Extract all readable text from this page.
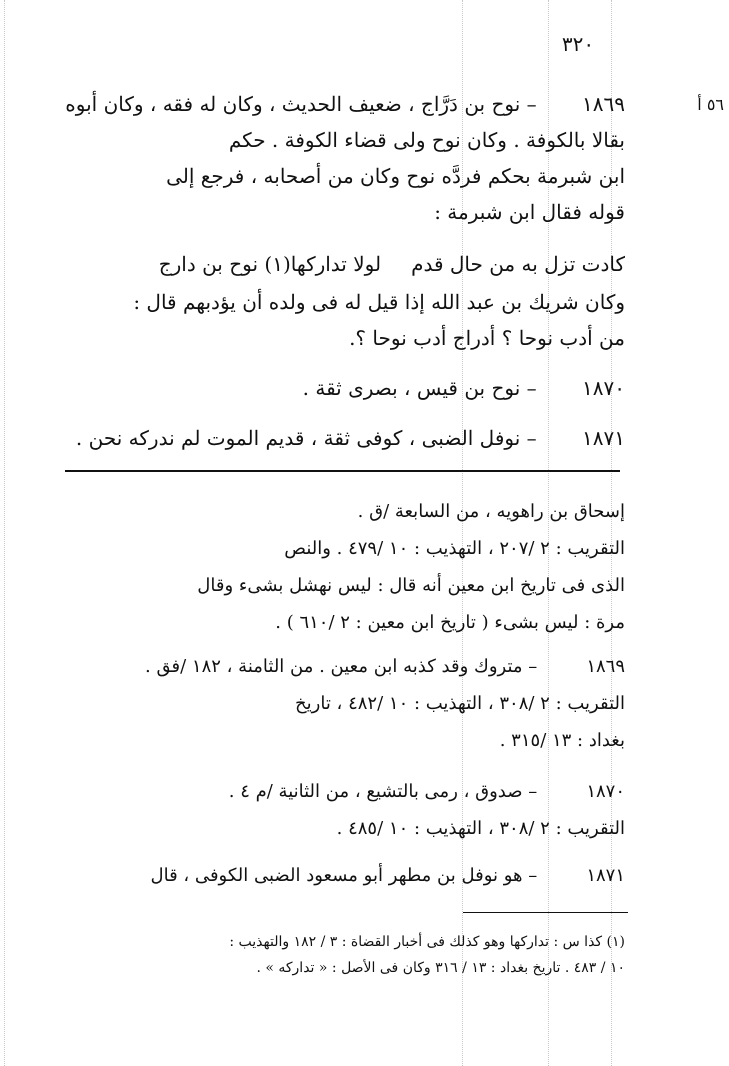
٣٢٠
٥٦ أ
١٨٦٩ – نوح بن دَرَّاج ، ضعيف الحديث ، وكان له فقه ، وكان أبوه
بقالا بالكوفة . وكان نوح ولى قضاء الكوفة . حكم
ابن شبرمة بحكم فردَّه نوح وكان من أصحابه ، فرجع إلى
قوله فقال ابن شبرمة :
كادت تزل به من حال قدملولا تداركها(١) نوح بن دارج
وكان شريك بن عبد الله إذا قيل له فى ولده أن يؤدبهم قال :
من أدب نوحا ؟ أدراج أدب نوحا ؟.
١٨٧٠ – نوح بن قيس ، بصرى ثقة .
١٨٧١ – نوفل الضبى ، كوفى ثقة ، قديم الموت لم ندركه نحن .
إسحاق بن راهويه ، من السابعة /ق .
التقريب : ٢ /٢٠٧ ، التهذيب : ١٠ /٤٧٩ . والنص
الذى فى تاريخ ابن معين أنه قال : ليس نهشل بشىء وقال
مرة : ليس بشىء ( تاريخ ابن معين : ٢ /٦١٠ ) .
١٨٦٩ – متروك وقد كذبه ابن معين . من الثامنة ، ١٨٢ /فق .
التقريب : ٢ /٣٠٨ ، التهذيب : ١٠ /٤٨٢ ، تاريخ
بغداد : ١٣ /٣١٥ .
١٨٧٠ – صدوق ، رمى بالتشيع ، من الثانية /م ٤ .
التقريب : ٢ /٣٠٨ ، التهذيب : ١٠ /٤٨٥ .
١٨٧١ – هو نوفل بن مطهر أبو مسعود الضبى الكوفى ، قال
(١) كذا س : تداركها وهو كذلك فى أخبار القضاة : ٣ / ١٨٢ والتهذيب :
١٠ / ٤٨٣ . تاريخ بغداد : ١٣ / ٣١٦ وكان فى الأصل : « تداركه » .
